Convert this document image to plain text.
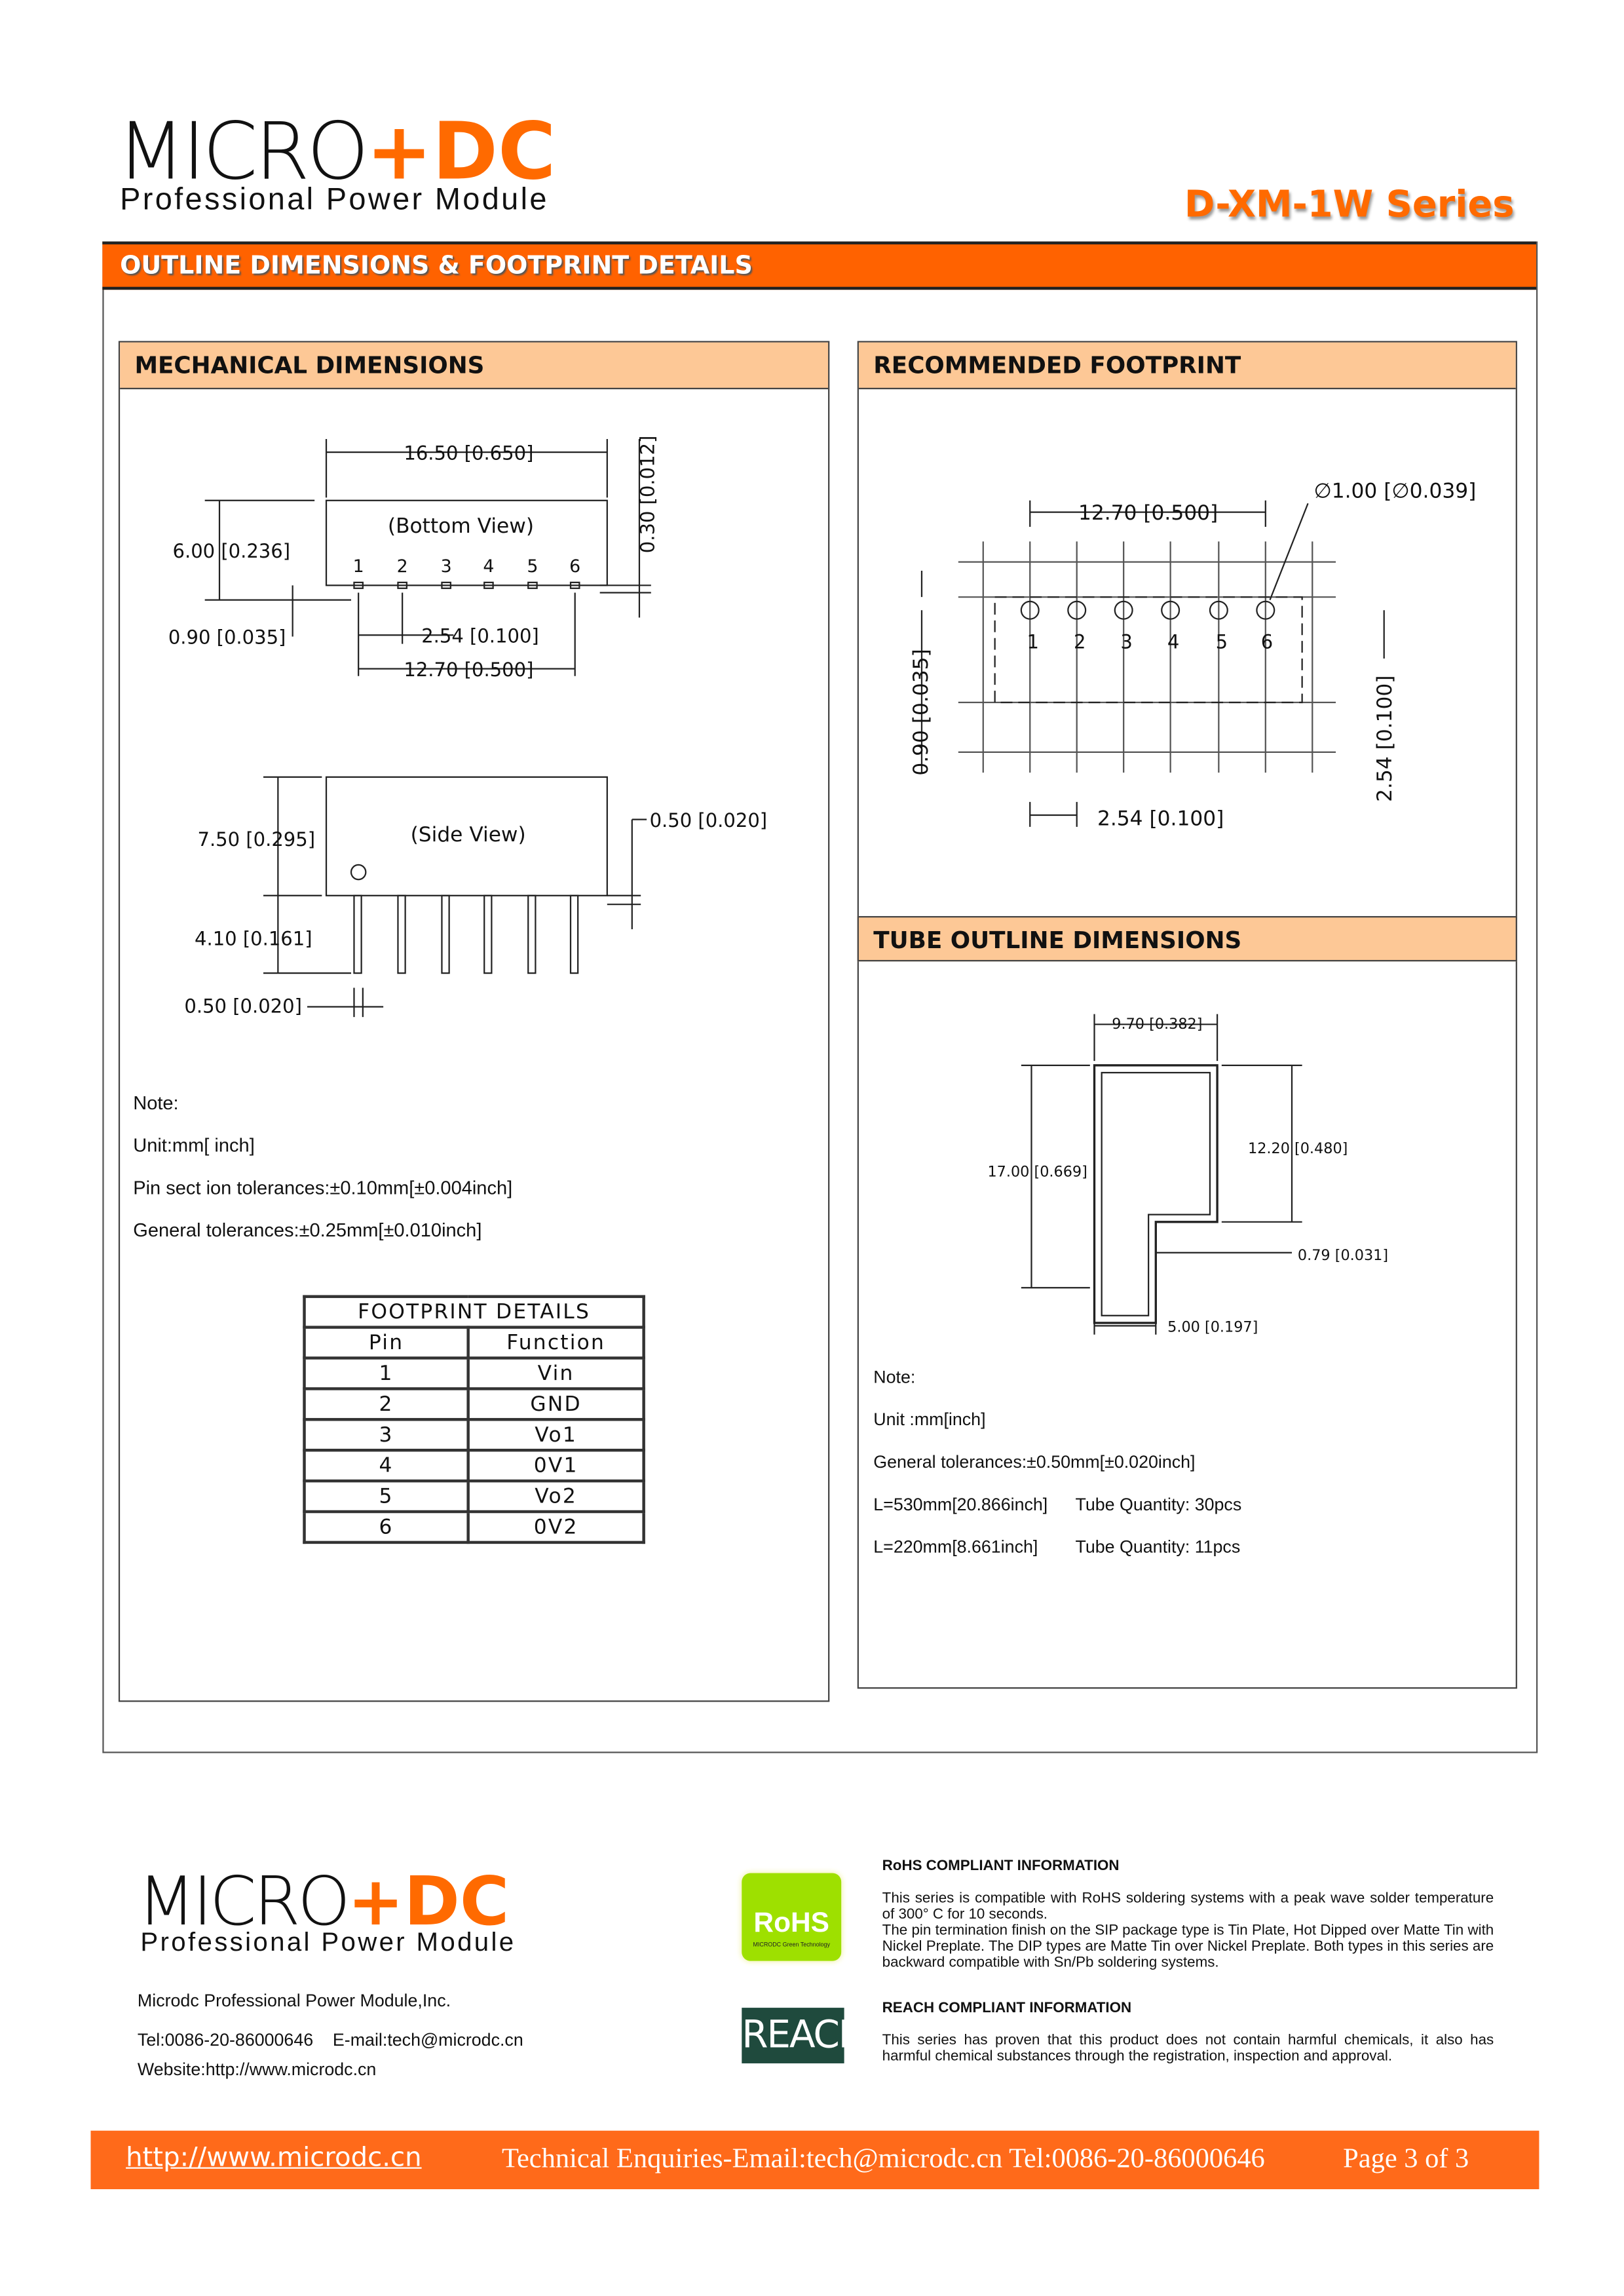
MICRO+DC
Professional Power Module	D-XM-1W Series
OUTLINE DIMENSIONS & FOOTPRINT DETAILS
MECHANICAL DIMENSIONS	RECOMMENDED FOOTPRINT
TUBE OUTLINE DIMENSIONS
(Bottom View)
1	2	3	4	5	6
16.50 [0.650]
6.00 [0.236]	0.30 [0.012]
0.90 [0.035]	2.54 [0.100]
12.70 [0.500]
(Side View)
7.50 [0.295]
0.50 [0.020]
4.10 [0.161]
0.50 [0.020]
∅1.00 [∅0.039]
12.70 [0.500]
0.90 [0.035]	2.54 [0.100]
2.54 [0.100]
1	2	3	4	5	6
9.70 [0.382]
17.00 [0.669]
12.20 [0.480]
0.79 [0.031]
5.00 [0.197]
Note:
Unit:mm[ inch]
Pin sect ion tolerances:±0.10mm[±0.004inch]
General tolerances:±0.25mm[±0.010inch]
FOOTPRINT DETAILS	
Pin	Function
1	Vin
2	GND
3	Vo1
4	0V1
5	Vo2
6	0V2
Note:
Unit :mm[inch]
General tolerances:±0.50mm[±0.020inch]
L=530mm[20.866inch]	Tube Quantity: 30pcs
L=220mm[8.661inch]	Tube Quantity: 11pcs
MICRO+DC
Professional Power Module
Microdc Professional Power Module,Inc.
Tel:0086-20-86000646    E-mail:tech@microdc.cn
Website:http://www.microdc.cn
RoHS
MICRODC Green Technology
REACH
RoHS COMPLIANT INFORMATION
This series is compatible with RoHS soldering systems with a peak wave solder temperature of 300° C for 10 seconds.
The pin termination finish on the SIP package type is Tin Plate, Hot Dipped over Matte Tin with Nickel Preplate. The DIP types are Matte Tin over Nickel Preplate. Both types in this series are backward compatible with Sn/Pb soldering systems.
REACH COMPLIANT INFORMATION
This series has proven that this product does not contain harmful chemicals, it also has harmful chemical substances through the registration, inspection and approval.
http://www.microdc.cn	Technical Enquiries-Email:tech@microdc.cn Tel:0086-20-86000646	Page 3 of 3
